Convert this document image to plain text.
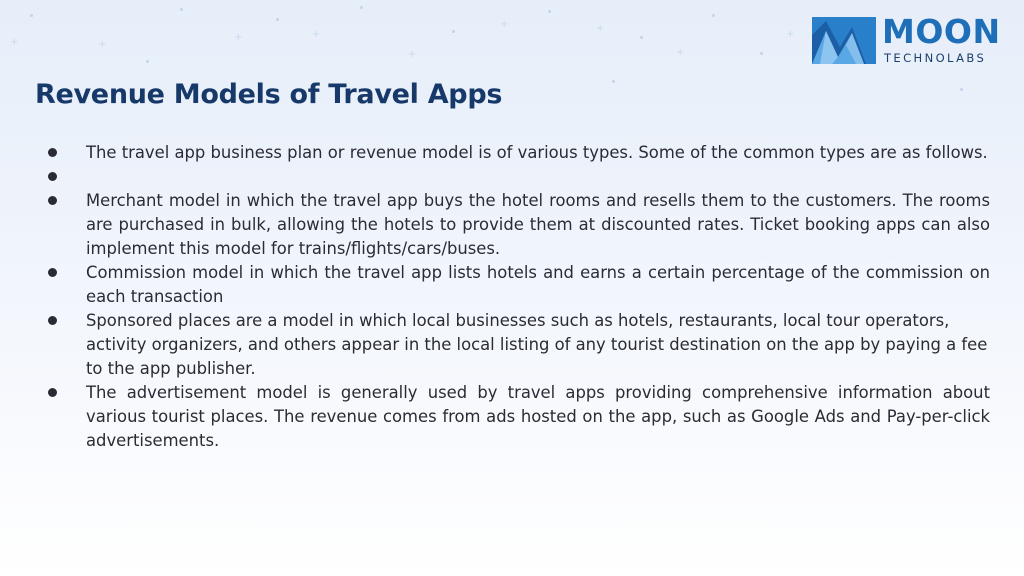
+
+	+
+
+	+
+
+
+	MOON
TECHNOLABS
Revenue Models of Travel Apps
The travel app business plan or revenue model is of various types. Some of the common types are as follows.
Merchant model in which the travel app buys the hotel rooms and resells them to the customers. The rooms are purchased in bulk, allowing the hotels to provide them at discounted rates. Ticket booking apps can also implement this model for trains/flights/cars/buses.
Commission model in which the travel app lists hotels and earns a certain percentage of the commission on each transaction
Sponsored places are a model in which local businesses such as hotels, restaurants, local tour operators, activity organizers, and others appear in the local listing of any tourist destination on the app by paying a fee to the app publisher.
The advertisement model is generally used by travel apps providing comprehensive information about various tourist places. The revenue comes from ads hosted on the app, such as Google Ads and Pay-per-click advertisements.
